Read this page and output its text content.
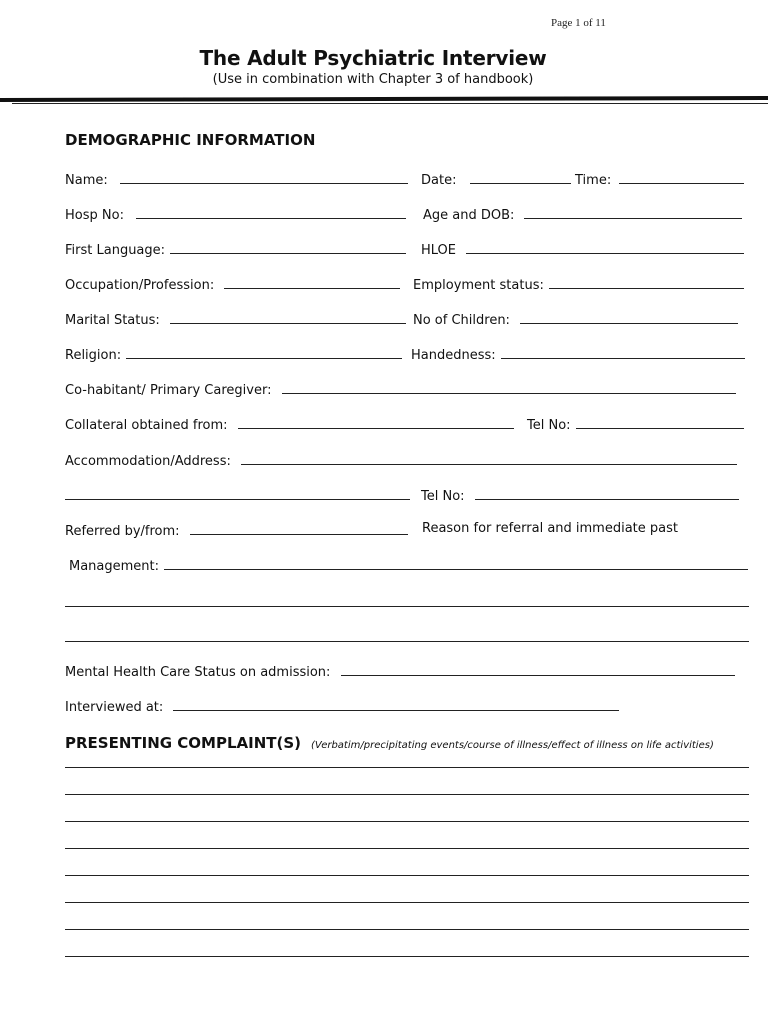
Page 1 of 11
The Adult Psychiatric Interview
(Use in combination with Chapter 3 of handbook)
DEMOGRAPHIC INFORMATION
Name:	Date:	Time:
Hosp No:	Age and DOB:
First Language:	HLOE
Occupation/Profession:	Employment status:
Marital Status:	No of Children:
Religion:	Handedness:
Co-habitant/ Primary Caregiver:
Collateral obtained from:	Tel No:
Accommodation/Address:
Tel No:
Referred by/from:	Reason for referral and immediate past
Management:
Mental Health Care Status on admission:
Interviewed at:
PRESENTING COMPLAINT(S) (Verbatim/precipitating events/course of illness/effect of illness on life activities)
